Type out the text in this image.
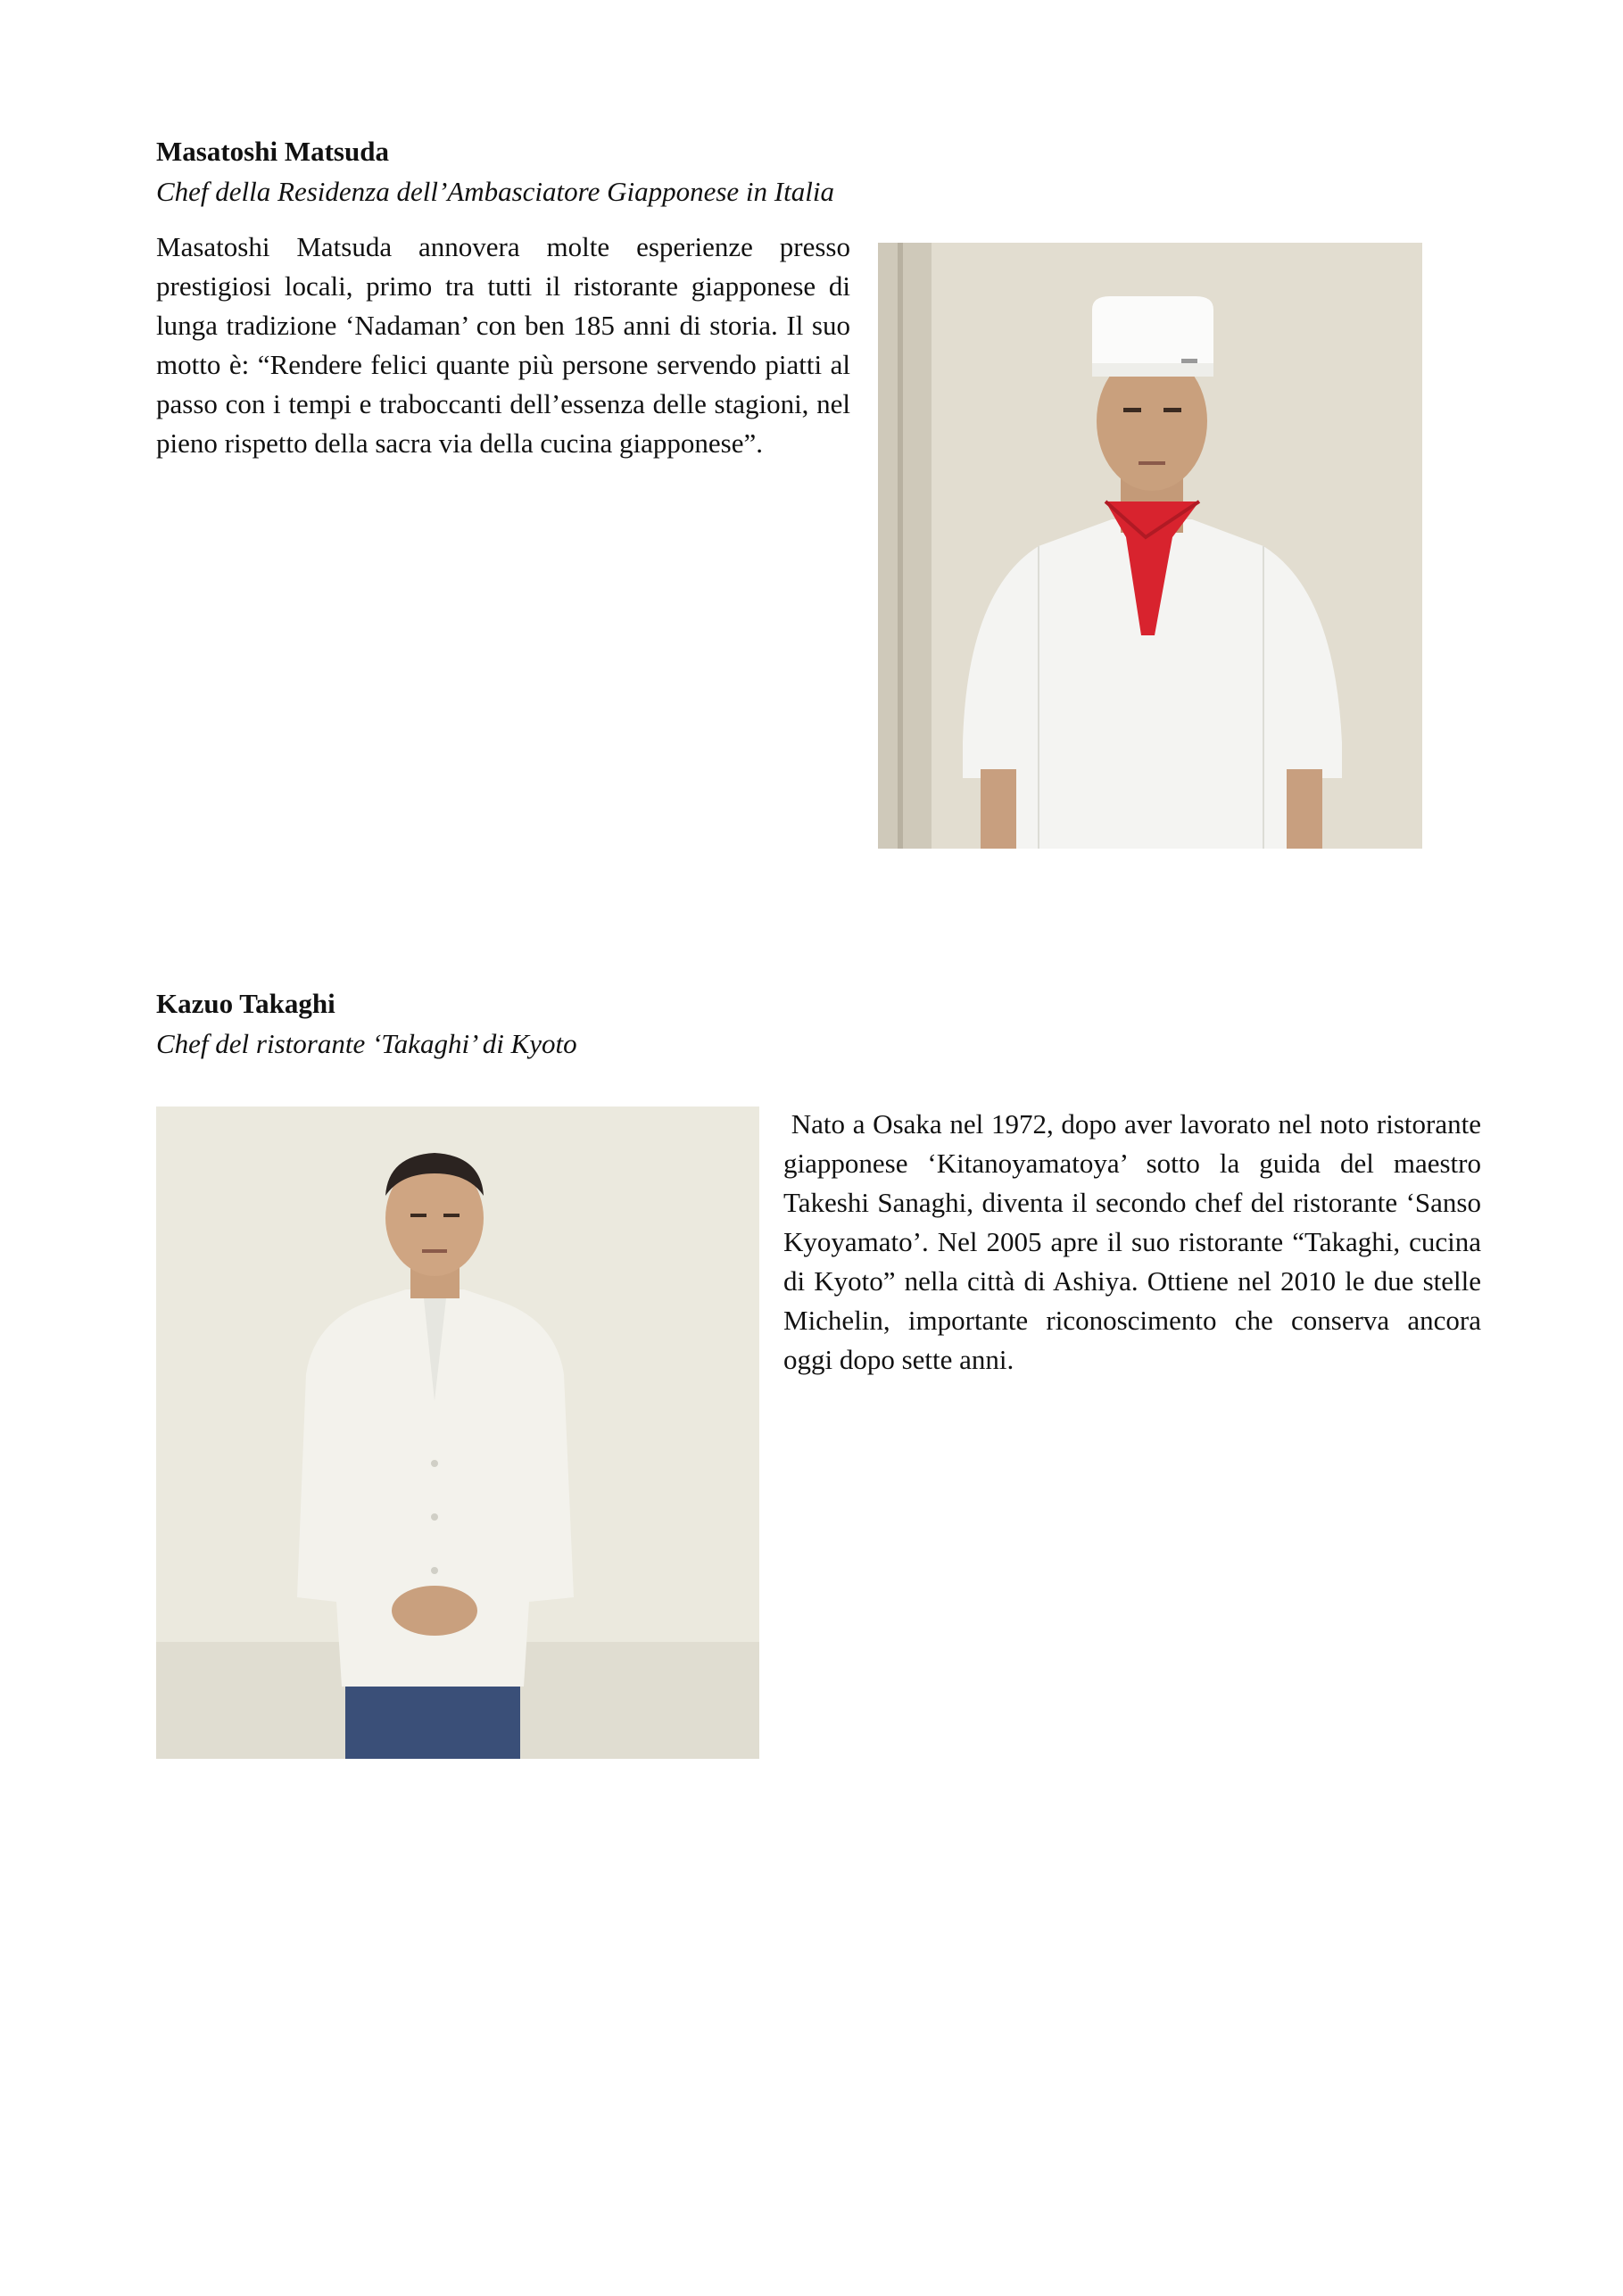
Masatoshi Matsuda

Chef della Residenza dell’Ambasciatore Giapponese in Italia

Masatoshi Matsuda annovera molte esperienze presso prestigiosi locali, primo tra tutti il ristorante giapponese di lunga tradizione ‘Nadaman’ con ben 185 anni di storia. Il suo motto è: “Rendere felici quante più persone servendo piatti al passo con i tempi e traboccanti dell’essenza delle stagioni, nel pieno rispetto della sacra via della cucina giapponese”.

Kazuo Takaghi

Chef del ristorante ‘Takaghi’ di Kyoto

Nato a Osaka nel 1972, dopo aver lavorato nel noto ristorante giapponese ‘Kitanoyamatoya’ sotto la guida del maestro Takeshi Sanaghi, diventa il secondo chef del ristorante ‘Sanso Kyoyamato’. Nel 2005 apre il suo ristorante “Takaghi, cucina di Kyoto” nella città di Ashiya. Ottiene nel 2010 le due stelle Michelin, importante riconoscimento che conserva ancora oggi dopo sette anni.
